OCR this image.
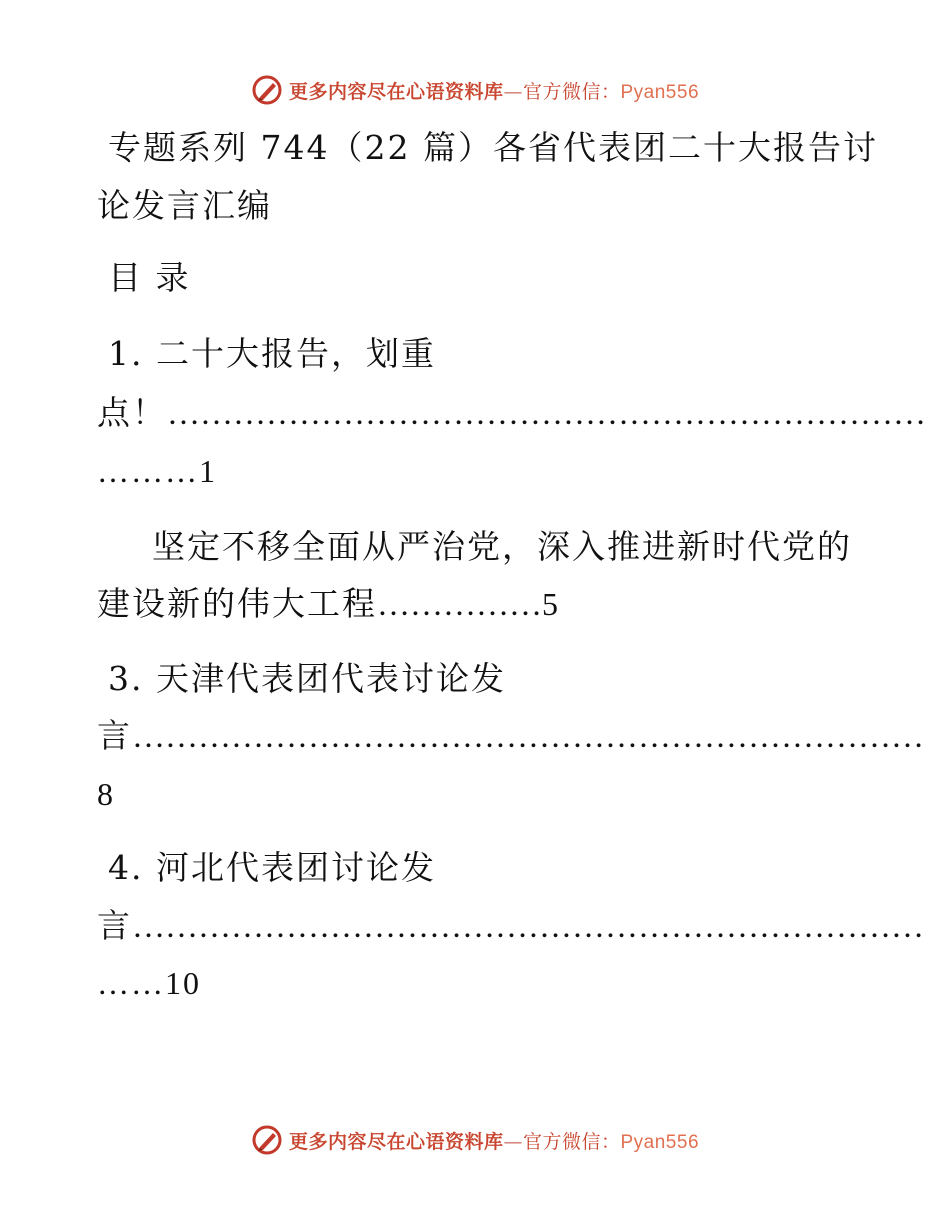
更多内容尽在心语资料库—官方微信：Pyan556
专题系列 744（22 篇）各省代表团二十大报告讨
论发言汇编
目 录
1. 二十大报告，划重
点！……………………………………………………………
………1
坚定不移全面从严治党，深入推进新时代党的
建设新的伟大工程……………5
3. 天津代表团代表讨论发
言………………………………………………………………
8
4. 河北代表团讨论发
言………………………………………………………………
……10
更多内容尽在心语资料库—官方微信：Pyan556
